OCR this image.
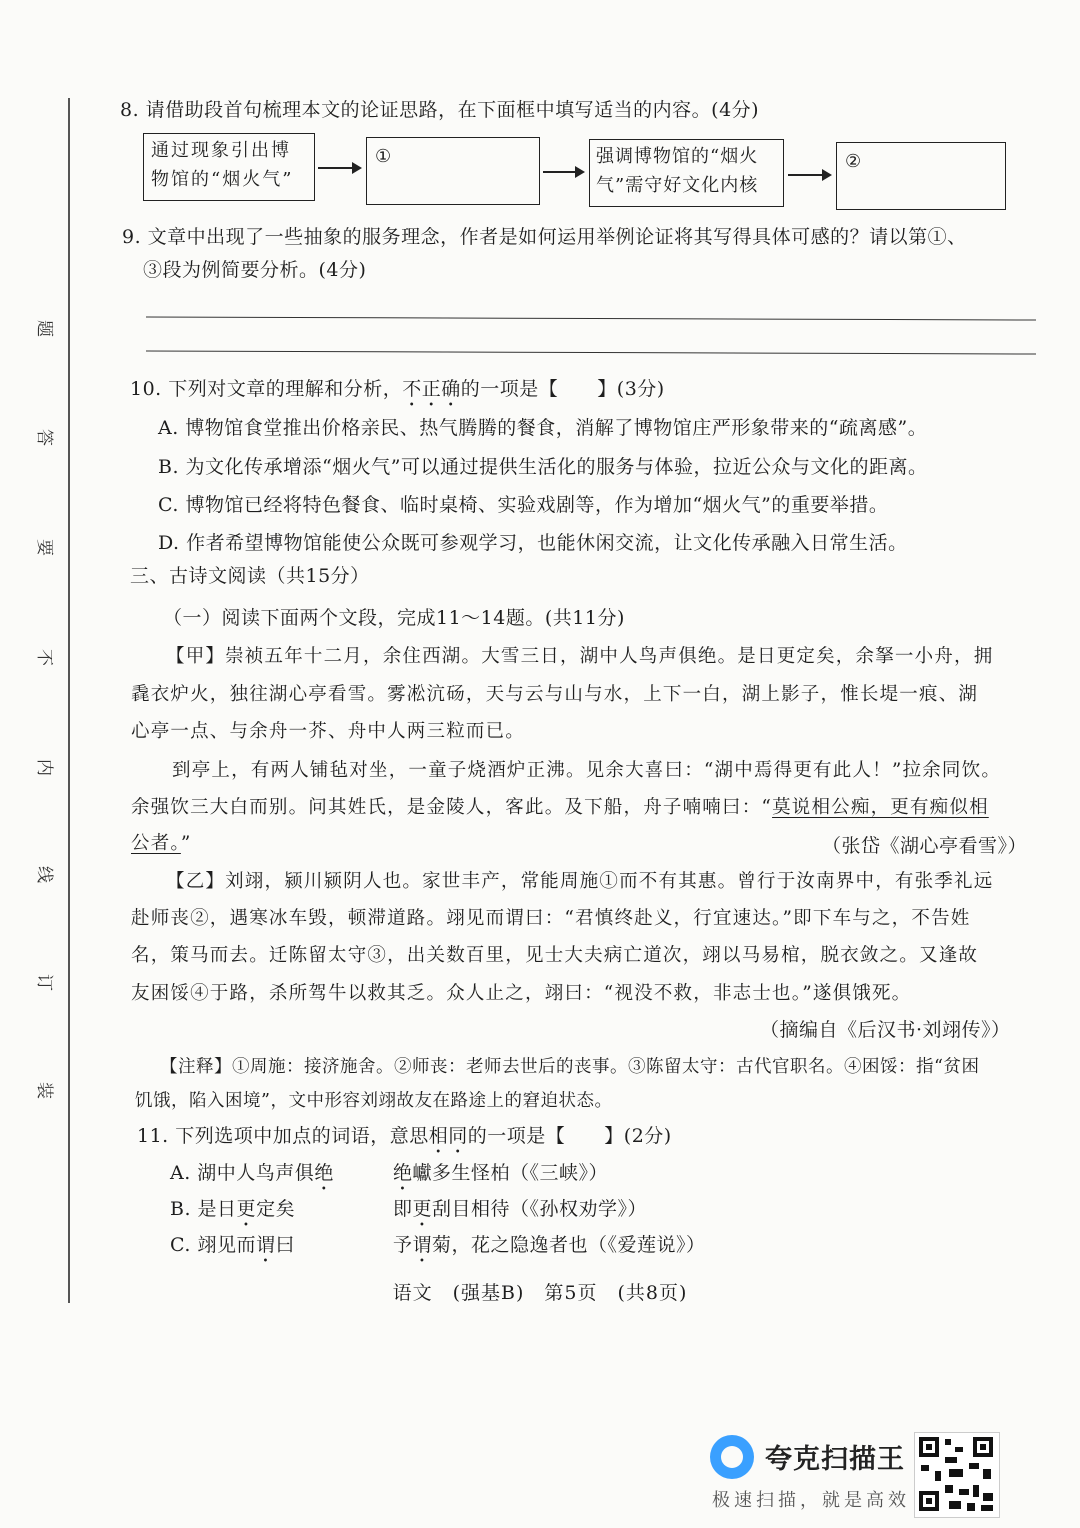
题
答
要
不
内
线
订
装
8. 请借助段首句梳理本文的论证思路，在下面框中填写适当的内容。(4分)
通过现象引出博
物馆的“烟火气”
①	强调博物馆的“烟火
气”需守好文化内核
②
9. 文章中出现了一些抽象的服务理念，作者是如何运用举例论证将其写得具体可感的？请以第①、
③段为例简要分析。(4分)
10. 下列对文章的理解和分析，不正确的一项是【　　】(3分)
A. 博物馆食堂推出价格亲民、热气腾腾的餐食，消解了博物馆庄严形象带来的“疏离感”。
B. 为文化传承增添“烟火气”可以通过提供生活化的服务与体验，拉近公众与文化的距离。
C. 博物馆已经将特色餐食、临时桌椅、实验戏剧等，作为增加“烟火气”的重要举措。
D. 作者希望博物馆能使公众既可参观学习，也能休闲交流，让文化传承融入日常生活。
三、古诗文阅读（共15分）
（一）阅读下面两个文段，完成11～14题。(共11分)
【甲】崇祯五年十二月，余住西湖。大雪三日，湖中人鸟声俱绝。是日更定矣，余拏一小舟，拥
毳衣炉火，独往湖心亭看雪。雾凇沆砀，天与云与山与水，上下一白，湖上影子，惟长堤一痕、湖
心亭一点、与余舟一芥、舟中人两三粒而已。
到亭上，有两人铺毡对坐，一童子烧酒炉正沸。见余大喜曰：“湖中焉得更有此人！”拉余同饮。
余强饮三大白而别。问其姓氏，是金陵人，客此。及下船，舟子喃喃曰：“莫说相公痴，更有痴似相
公者。”	（张岱《湖心亭看雪》）
【乙】刘翊，颍川颍阴人也。家世丰产，常能周施①而不有其惠。曾行于汝南界中，有张季礼远
赴师丧②，遇寒冰车毁，顿滞道路。翊见而谓曰：“君慎终赴义，行宜速达。”即下车与之，不告姓
名，策马而去。迁陈留太守③，出关数百里，见士大夫病亡道次，翊以马易棺，脱衣敛之。又逢故
友困馁④于路，杀所驾牛以救其乏。众人止之，翊曰：“视没不救，非志士也。”遂俱饿死。
（摘编自《后汉书·刘翊传》）
【注释】①周施：接济施舍。②师丧：老师去世后的丧事。③陈留太守：古代官职名。④困馁：指“贫困
饥饿，陷入困境”，文中形容刘翊故友在路途上的窘迫状态。
11. 下列选项中加点的词语，意思相同的一项是【　　】(2分)
A. 湖中人鸟声俱绝	绝巘多生怪柏（《三峡》）
B. 是日更定矣	即更刮目相待（《孙权劝学》）
C. 翊见而谓曰	予谓菊，花之隐逸者也（《爱莲说》）
语文　(强基B)　第5页　(共8页)
夸克扫描王
极速扫描，就是高效
